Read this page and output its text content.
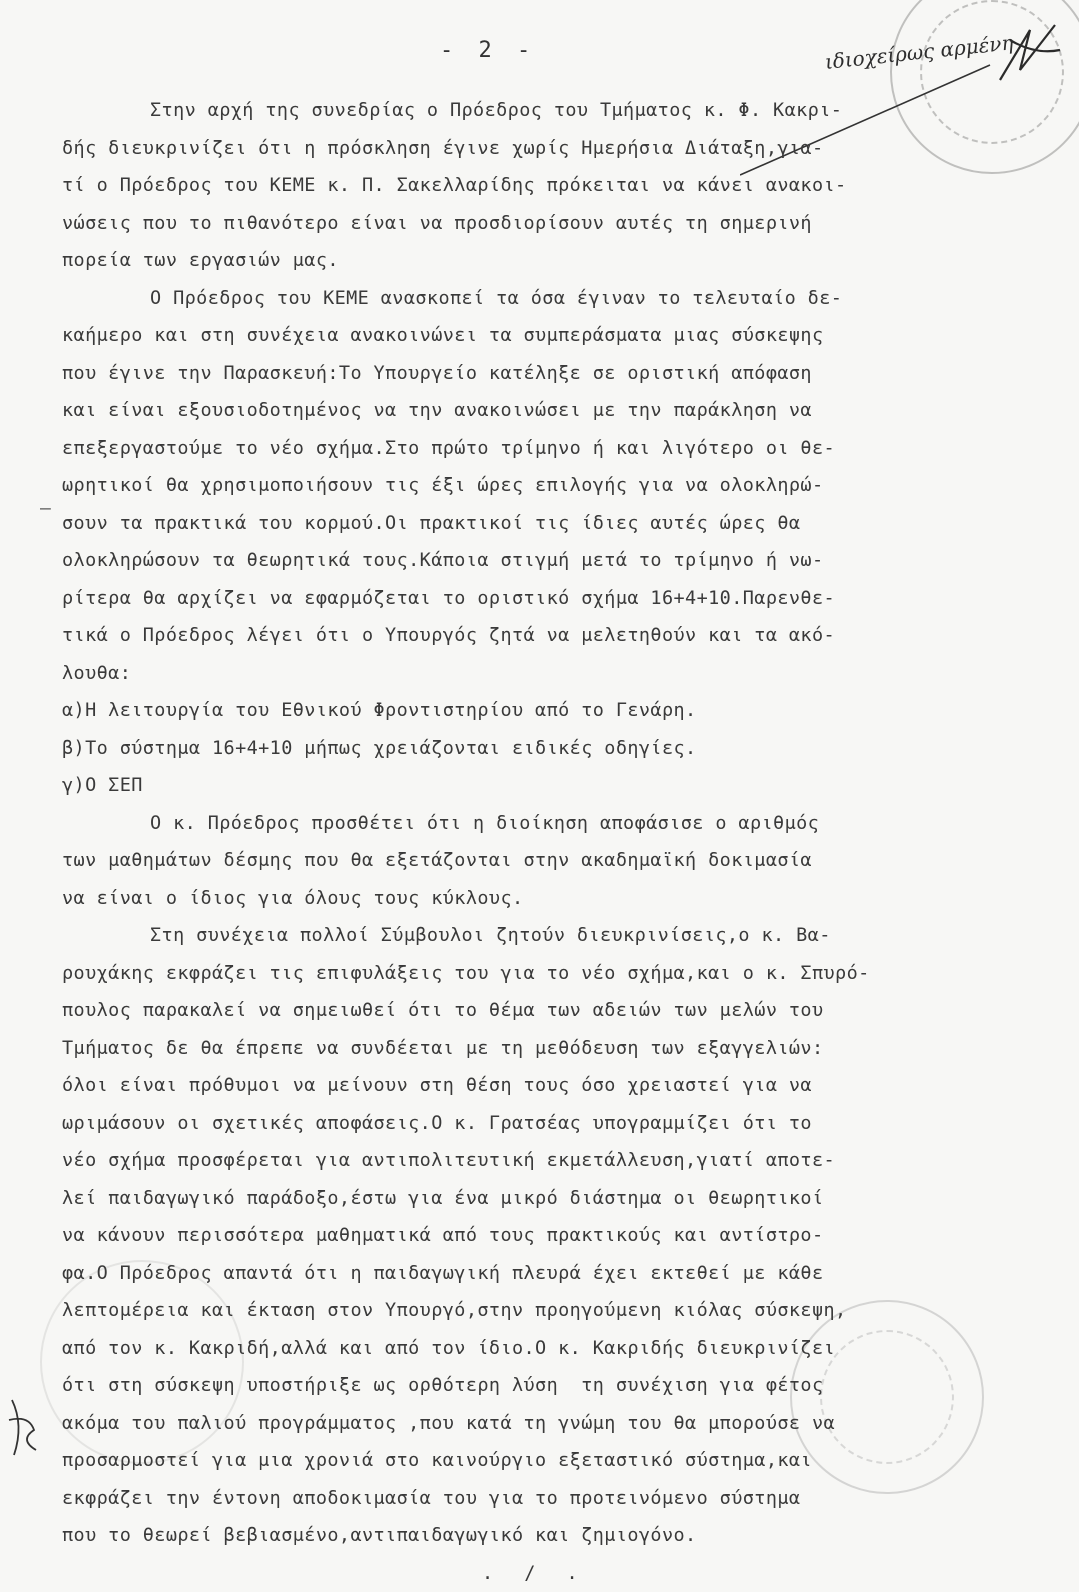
- 2 -	ιδιοχείρως αρμένη
–
Στην αρχή της συνεδρίας ο Πρόεδρος του Τμήματος κ. Φ. Κακρι-
δής διευκρινίζει ότι η πρόσκληση έγινε χωρίς Ημερήσια Διάταξη,για-
τί ο Πρόεδρος του ΚΕΜΕ κ. Π. Σακελλαρίδης πρόκειται να κάνει ανακοι-
νώσεις που το πιθανότερο είναι να προσδιορίσουν αυτές τη σημερινή
πορεία των εργασιών μας.
Ο Πρόεδρος του ΚΕΜΕ ανασκοπεί τα όσα έγιναν το τελευταίο δε-
καήμερο και στη συνέχεια ανακοινώνει τα συμπεράσματα μιας σύσκεψης
που έγινε την Παρασκευή:Το Υπουργείο κατέληξε σε οριστική απόφαση
και είναι εξουσιοδοτημένος να την ανακοινώσει με την παράκληση να
επεξεργαστούμε το νέο σχήμα.Στο πρώτο τρίμηνο ή και λιγότερο οι θε-
ωρητικοί θα χρησιμοποιήσουν τις έξι ώρες επιλογής για να ολοκληρώ-
σουν τα πρακτικά του κορμού.Οι πρακτικοί τις ίδιες αυτές ώρες θα
ολοκληρώσουν τα θεωρητικά τους.Κάποια στιγμή μετά το τρίμηνο ή νω-
ρίτερα θα αρχίζει να εφαρμόζεται το οριστικό σχήμα 16+4+10.Παρενθε-
τικά ο Πρόεδρος λέγει ότι ο Υπουργός ζητά να μελετηθούν και τα ακό-
λουθα:
α)Η λειτουργία του Εθνικού Φροντιστηρίου από το Γενάρη.
β)Το σύστημα 16+4+10 μήπως χρειάζονται ειδικές οδηγίες.
γ)Ο ΣΕΠ
Ο κ. Πρόεδρος προσθέτει ότι η διοίκηση αποφάσισε ο αριθμός
των μαθημάτων δέσμης που θα εξετάζονται στην ακαδημαϊκή δοκιμασία
να είναι ο ίδιος για όλους τους κύκλους.
Στη συνέχεια πολλοί Σύμβουλοι ζητούν διευκρινίσεις,ο κ. Βα-
ρουχάκης εκφράζει τις επιφυλάξεις του για το νέο σχήμα,και ο κ. Σπυρό-
πουλος παρακαλεί να σημειωθεί ότι το θέμα των αδειών των μελών του
Τμήματος δε θα έπρεπε να συνδέεται με τη μεθόδευση των εξαγγελιών:
όλοι είναι πρόθυμοι να μείνουν στη θέση τους όσο χρειαστεί για να
ωριμάσουν οι σχετικές αποφάσεις.Ο κ. Γρατσέας υπογραμμίζει ότι το
νέο σχήμα προσφέρεται για αντιπολιτευτική εκμετάλλευση,γιατί αποτε-
λεί παιδαγωγικό παράδοξο,έστω για ένα μικρό διάστημα οι θεωρητικοί
να κάνουν περισσότερα μαθηματικά από τους πρακτικούς και αντίστρο-
φα.Ο Πρόεδρος απαντά ότι η παιδαγωγική πλευρά έχει εκτεθεί με κάθε
λεπτομέρεια και έκταση στον Υπουργό,στην προηγούμενη κιόλας σύσκεψη,
από τον κ. Κακριδή,αλλά και από τον ίδιο.Ο κ. Κακριδής διευκρινίζει
ότι στη σύσκεψη υποστήριξε ως ορθότερη λύση  τη συνέχιση για φέτος
ακόμα του παλιού προγράμματος ,που κατά τη γνώμη του θα μπορούσε να
προσαρμοστεί για μια χρονιά στο καινούργιο εξεταστικό σύστημα,και
εκφράζει την έντονη αποδοκιμασία του για το προτεινόμενο σύστημα
που το θεωρεί βεβιασμένο,αντιπαιδαγωγικό και ζημιογόνο.
. / .
